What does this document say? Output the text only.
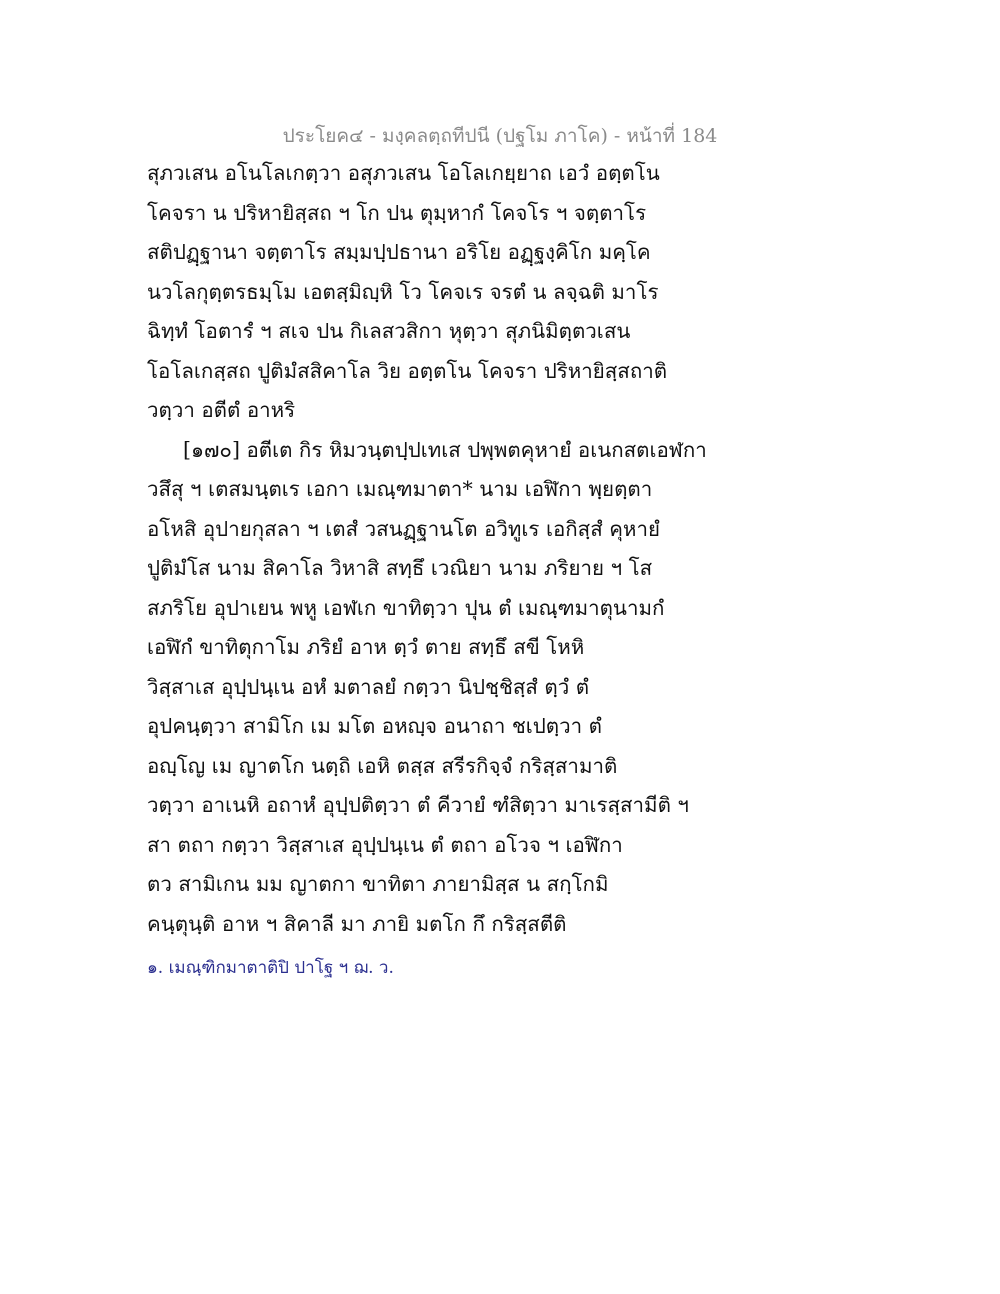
ประโยค๔ - มงฺคลตฺถทีปนี (ปฐโม ภาโค) - หน้าที่ 184
สุภวเสน อโนโลเกตฺวา อสุภวเสน โอโลเกยฺยาถ เอวํ อตฺตโน
โคจรา น ปริหายิสฺสถ ฯ โก ปน ตุมฺหากํ โคจโร ฯ จตฺตาโร
สติปฏฺฐานา จตฺตาโร สมฺมปฺปธานา อริโย อฏฺฐงฺคิโก มคฺโค
นวโลกุตฺตรธมฺโม เอตสฺมิญฺหิ โว โคจเร จรตํ น ลจฺฉติ มาโร
ฉิทฺทํ โอตารํ ฯ สเจ ปน กิเลสวสิกา หุตฺวา สุภนิมิตฺตวเสน
โอโลเกสฺสถ ปูติมํสสิคาโล วิย อตฺตโน โคจรา ปริหายิสฺสถาติ
วตฺวา อตีตํ อาหริ
[๑๗๐] อตีเต กิร หิมวนฺตปฺปเทเส ปพฺพตคุหายํ อเนกสตเอฬกา
วสึสุ ฯ เตสมนฺตเร เอกา เมณฺฑมาตา* นาม เอฬิกา พฺยตฺตา
อโหสิ อุปายกุสลา ฯ เตสํ วสนฏฺฐานโต อวิทูเร เอกิสฺสํ คุหายํ
ปูติมํโส นาม สิคาโล วิหาสิ สทฺธึ เวณิยา นาม ภริยาย ฯ โส
สภริโย อุปาเยน พหู เอฬเก ขาทิตฺวา ปุน ตํ เมณฺฑมาตุนามกํ
เอฬิกํ ขาทิตุกาโม ภริยํ อาห ตฺวํ ตาย สทฺธึ สขี โหหิ
วิสฺสาเส อุปฺปนฺเน อหํ มตาลยํ กตฺวา นิปชฺชิสฺสํ ตฺวํ ตํ
อุปคนฺตฺวา สามิโก เม มโต อหญฺจ อนาถา ชเปตฺวา ตํ
อญฺโญ เม ญาตโก นตฺถิ เอหิ ตสฺส สรีรกิจฺจํ กริสฺสามาติ
วตฺวา อาเนหิ อถาหํ อุปฺปติตฺวา ตํ คีวายํ ฑํสิตฺวา มาเรสฺสามีติ ฯ
สา ตถา กตฺวา วิสฺสาเส อุปฺปนฺเน ตํ ตถา อโวจ ฯ เอฬิกา
ตว สามิเกน มม ญาตกา ขาทิตา ภายามิสฺส น สกฺโกมิ
คนฺตุนฺติ อาห ฯ สิคาลี มา ภายิ มตโก กึ กริสฺสตีติ
๑. เมณฺฑิกมาตาติปิ ปาโฐ ฯ ฌ. ว.
